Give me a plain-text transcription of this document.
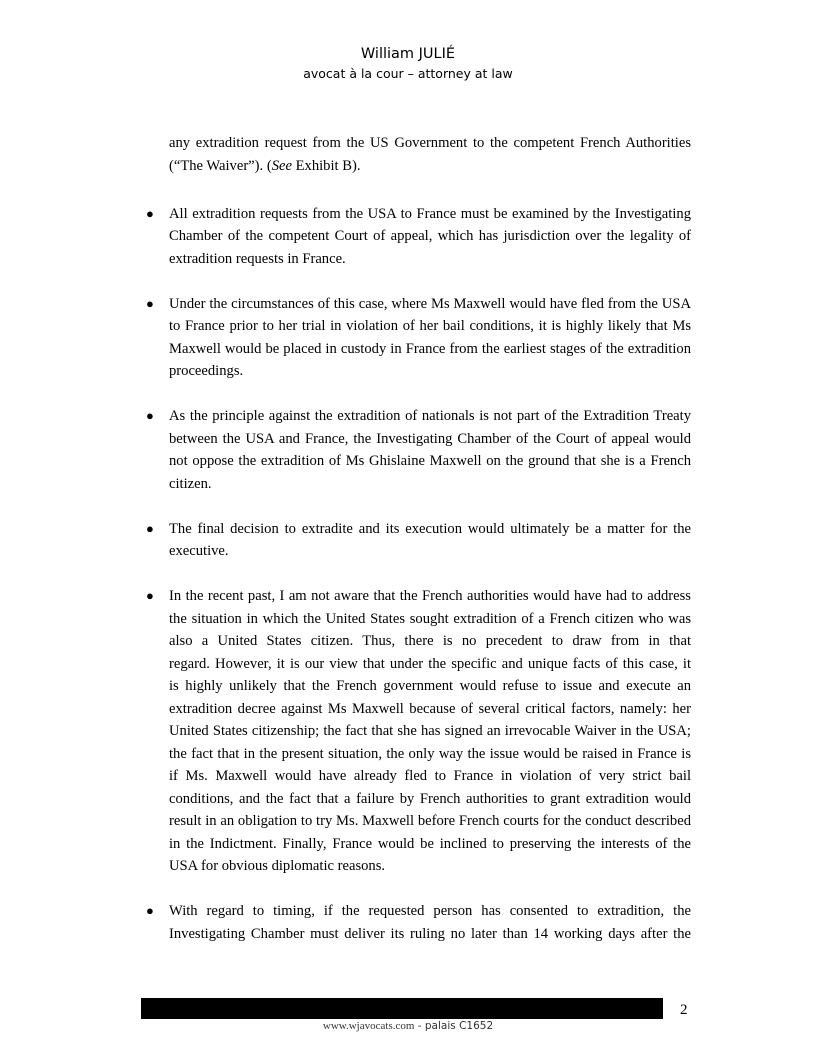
William JULIÉ
avocat à la cour – attorney at law
any extradition request from the US Government to the competent French Authorities
(“The Waiver”). (See Exhibit B).
● All extradition requests from the USA to France must be examined by the Investigating
Chamber of the competent Court of appeal, which has jurisdiction over the legality of
extradition requests in France.
● Under the circumstances of this case, where Ms Maxwell would have fled from the USA
to France prior to her trial in violation of her bail conditions, it is highly likely that Ms
Maxwell would be placed in custody in France from the earliest stages of the extradition
proceedings.
● As the principle against the extradition of nationals is not part of the Extradition Treaty
between the USA and France, the Investigating Chamber of the Court of appeal would
not oppose the extradition of Ms Ghislaine Maxwell on the ground that she is a French
citizen.
● The final decision to extradite and its execution would ultimately be a matter for the
executive.
● In the recent past, I am not aware that the French authorities would have had to address
the situation in which the United States sought extradition of a French citizen who was
also a United States citizen. Thus, there is no precedent to draw from in that
regard. However, it is our view that under the specific and unique facts of this case, it
is highly unlikely that the French government would refuse to issue and execute an
extradition decree against Ms Maxwell because of several critical factors, namely: her
United States citizenship; the fact that she has signed an irrevocable Waiver in the USA;
the fact that in the present situation, the only way the issue would be raised in France is
if Ms. Maxwell would have already fled to France in violation of very strict bail
conditions, and the fact that a failure by French authorities to grant extradition would
result in an obligation to try Ms. Maxwell before French courts for the conduct described
in the Indictment. Finally, France would be inclined to preserving the interests of the
USA for obvious diplomatic reasons.
● With regard to timing, if the requested person has consented to extradition, the
Investigating Chamber must deliver its ruling no later than 14 working days after the
2
www.wjavocats.com - palais C1652
